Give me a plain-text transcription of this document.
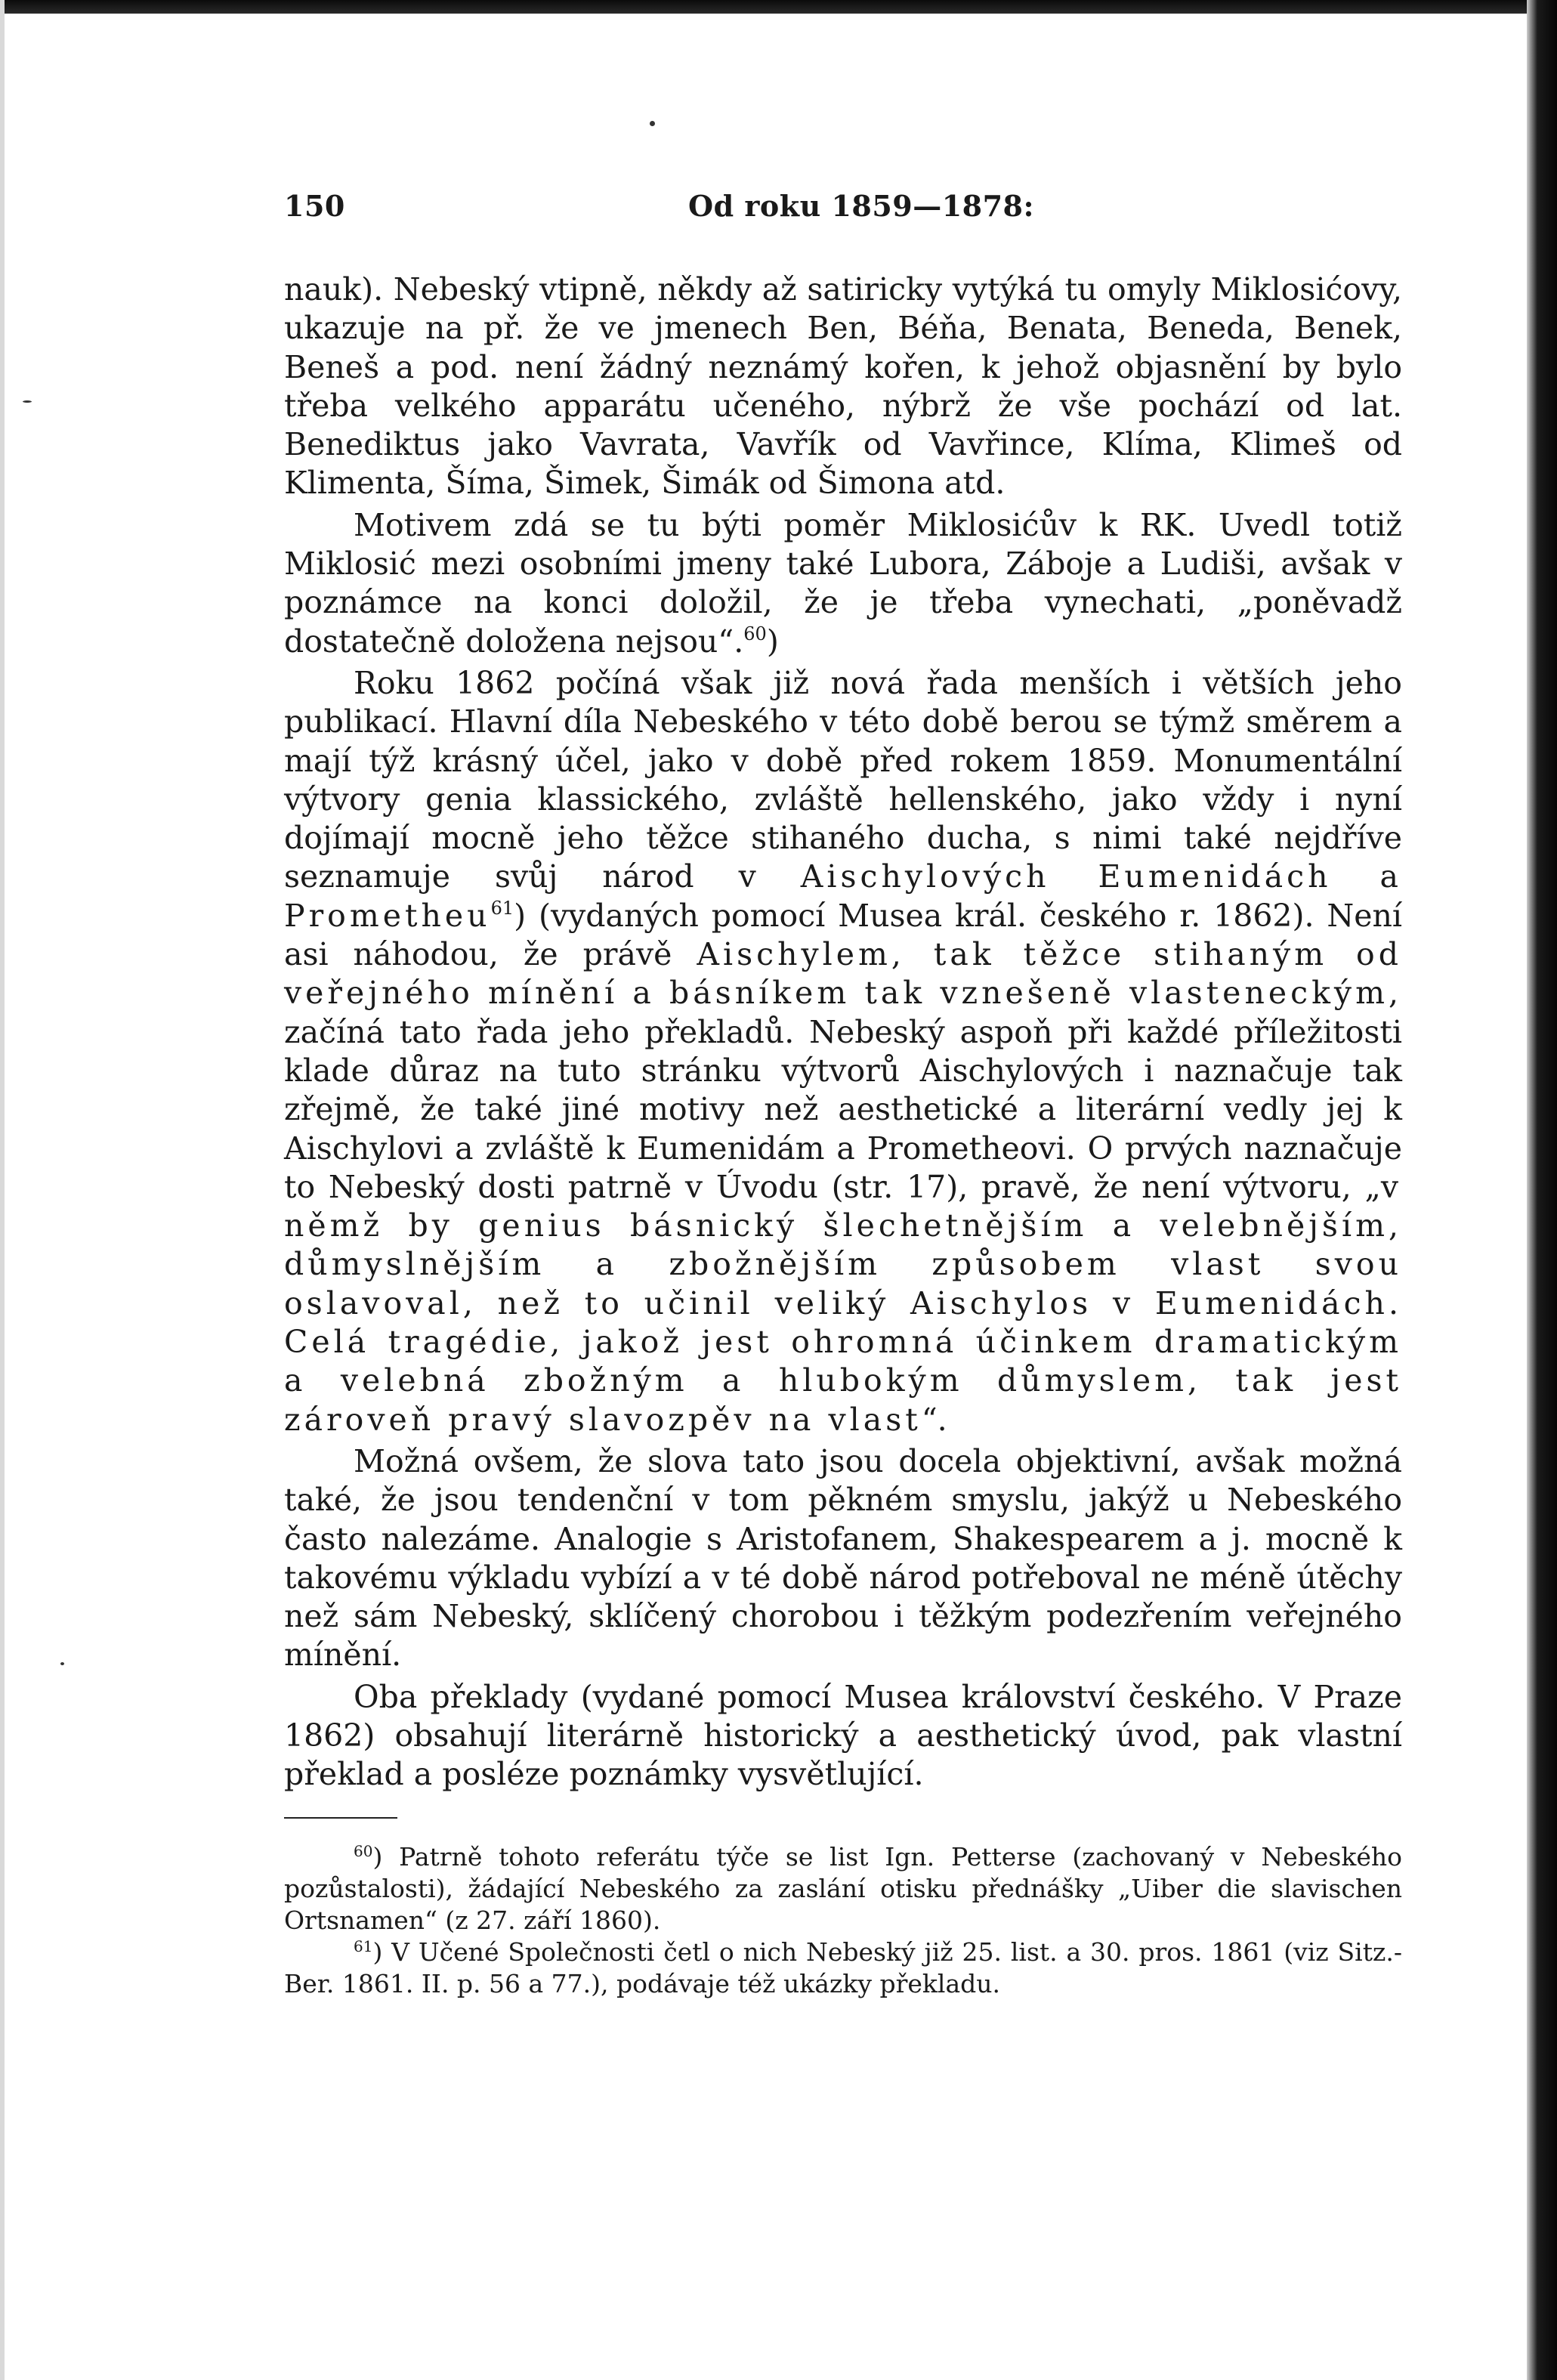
150	Od roku 1859—1878:

nauk). Nebeský vtipně, někdy až satiricky vytýká tu omyly Miklosićovy, ukazuje na př. že ve jmenech Ben, Béňa, Benata, Beneda, Benek, Beneš a pod. není žádný neznámý kořen, k jehož objasnění by bylo třeba velkého apparátu učeného, nýbrž že vše pochází od lat. Benediktus jako Vavrata, Vavřík od Vavřince, Klíma, Klimeš od Klimenta, Šíma, Šimek, Šimák od Šimona atd.

Motivem zdá se tu býti poměr Miklosićův k RK. Uvedl totiž Miklosić mezi osobními jmeny také Lubora, Záboje a Ludiši, avšak v poznámce na konci doložil, že je třeba vynechati, „poněvadž dostatečně doložena nejsou“.$^{60}$)

Roku 1862 počíná však již nová řada menších i větších jeho publikací. Hlavní díla Nebeského v této době berou se týmž směrem a mají týž krásný účel, jako v době před rokem 1859. Monumentální výtvory genia klassického, zvláště hellenského, jako vždy i nyní dojímají mocně jeho těžce stihaného ducha, s nimi také nejdříve seznamuje svůj národ v Aischylových Eumenidách a Prometheu$^{61}$) (vydaných pomocí Musea král. českého r. 1862). Není asi náhodou, že právě Aischylem, tak těžce stihaným od veřejného mínění a básníkem tak vznešeně vlasteneckým, začíná tato řada jeho překladů. Nebeský aspoň při každé příležitosti klade důraz na tuto stránku výtvorů Aischylových i naznačuje tak zřejmě, že také jiné motivy než aesthetické a literární vedly jej k Aischylovi a zvláště k Eumenidám a Prometheovi. O prvých naznačuje to Nebeský dosti patrně v Úvodu (str. 17), pravě, že není výtvoru, „v němž by genius básnický šlechetnějším a velebnějším, důmyslnějším a zbožnějším způsobem vlast svou oslavoval, než to učinil veliký Aischylos v Eumenidách. Celá tragédie, jakož jest ohromná účinkem dramatickým a velebná zbožným a hlubokým důmyslem, tak jest zároveň pravý slavozpěv na vlast“.

Možná ovšem, že slova tato jsou docela objektivní, avšak možná také, že jsou tendenční v tom pěkném smyslu, jakýž u Nebeského často nalezáme. Analogie s Aristofanem, Shakespearem a j. mocně k takovému výkladu vybízí a v té době národ potřeboval ne méně útěchy než sám Nebeský, sklíčený chorobou i těžkým podezřením veřejného mínění.

Oba překlady (vydané pomocí Musea království českého. V Praze 1862) obsahují literárně historický a aesthetický úvod, pak vlastní překlad a posléze poznámky vysvětlující.

$^{60}$) Patrně tohoto referátu týče se list Ign. Petterse (zachovaný v Nebeského pozůstalosti), žádající Nebeského za zaslání otisku přednášky „Uiber die slavischen Ortsnamen“ (z 27. září 1860).

$^{61}$) V Učené Společnosti četl o nich Nebeský již 25. list. a 30. pros. 1861 (viz Sitz.-Ber. 1861. II. p. 56 a 77.), podávaje též ukázky překladu.
